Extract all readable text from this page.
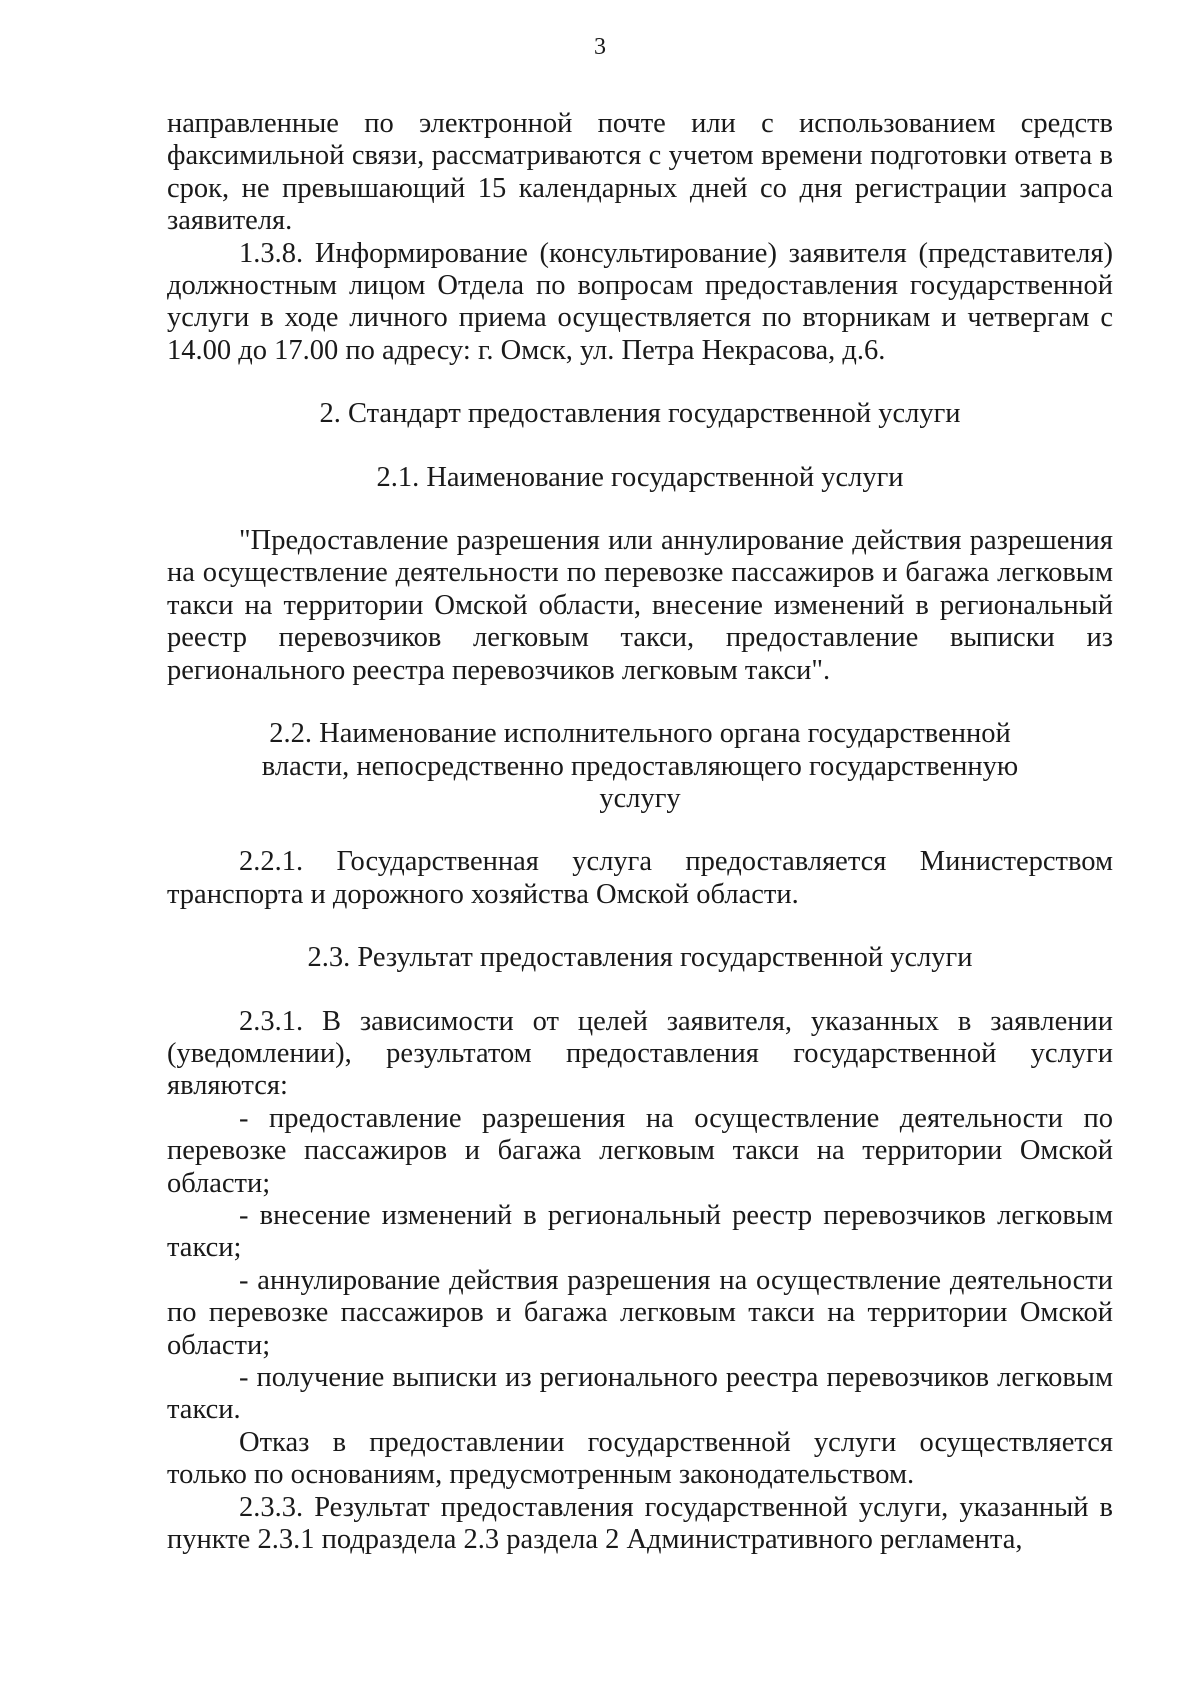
3

направленные по электронной почте или с использованием средств факсимильной связи, рассматриваются с учетом времени подготовки ответа в срок, не превышающий 15 календарных дней со дня регистрации запроса заявителя.

1.3.8. Информирование (консультирование) заявителя (представителя) должностным лицом Отдела по вопросам предоставления государственной услуги в ходе личного приема осуществляется по вторникам и четвергам с 14.00 до 17.00 по адресу: г. Омск, ул. Петра Некрасова, д.6.

2. Стандарт предоставления государственной услуги

2.1. Наименование государственной услуги

"Предоставление разрешения или аннулирование действия разрешения на осуществление деятельности по перевозке пассажиров и багажа легковым такси на территории Омской области, внесение изменений в региональный реестр перевозчиков легковым такси, предоставление выписки из регионального реестра перевозчиков легковым такси".

2.2. Наименование исполнительного органа государственной власти, непосредственно предоставляющего государственную услугу

2.2.1. Государственная услуга предоставляется Министерством транспорта и дорожного хозяйства Омской области.

2.3. Результат предоставления государственной услуги

2.3.1. В зависимости от целей заявителя, указанных в заявлении (уведомлении), результатом предоставления государственной услуги являются:

- предоставление разрешения на осуществление деятельности по перевозке пассажиров и багажа легковым такси на территории Омской области;

- внесение изменений в региональный реестр перевозчиков легковым такси;

- аннулирование действия разрешения на осуществление деятельности по перевозке пассажиров и багажа легковым такси на территории Омской области;

- получение выписки из регионального реестра перевозчиков легковым такси.

Отказ в предоставлении государственной услуги осуществляется только по основаниям, предусмотренным законодательством.

2.3.3. Результат предоставления государственной услуги, указанный в пункте 2.3.1 подраздела 2.3 раздела 2 Административного регламента,
